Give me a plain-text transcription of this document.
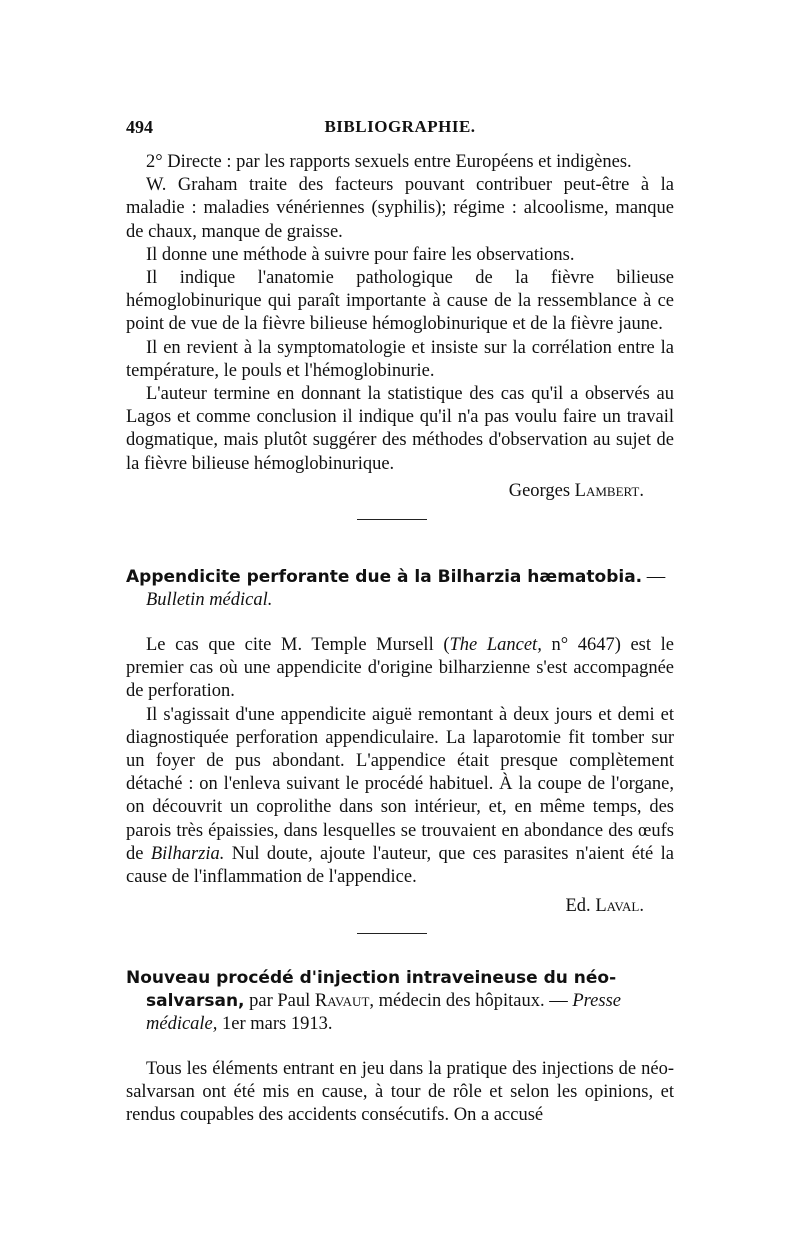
494	BIBLIOGRAPHIE.

2° Directe : par les rapports sexuels entre Européens et indigènes.

W. Graham traite des facteurs pouvant contribuer peut-être à la maladie : maladies vénériennes (syphilis); régime : alcoolisme, manque de chaux, manque de graisse.

Il donne une méthode à suivre pour faire les observations.

Il indique l'anatomie pathologique de la fièvre bilieuse hémoglobinurique qui paraît importante à cause de la ressemblance à ce point de vue de la fièvre bilieuse hémoglobinurique et de la fièvre jaune.

Il en revient à la symptomatologie et insiste sur la corrélation entre la température, le pouls et l'hémoglobinurie.

L'auteur termine en donnant la statistique des cas qu'il a observés au Lagos et comme conclusion il indique qu'il n'a pas voulu faire un travail dogmatique, mais plutôt suggérer des méthodes d'observation au sujet de la fièvre bilieuse hémoglobinurique.

Georges Lambert.

Appendicite perforante due à la Bilharzia hæmatobia. — Bulletin médical.

Le cas que cite M. Temple Mursell (The Lancet, n° 4647) est le premier cas où une appendicite d'origine bilharzienne s'est accompagnée de perforation.

Il s'agissait d'une appendicite aiguë remontant à deux jours et demi et diagnostiquée perforation appendiculaire. La laparotomie fit tomber sur un foyer de pus abondant. L'appendice était presque complètement détaché : on l'enleva suivant le procédé habituel. À la coupe de l'organe, on découvrit un coprolithe dans son intérieur, et, en même temps, des parois très épaissies, dans lesquelles se trouvaient en abondance des œufs de Bilharzia. Nul doute, ajoute l'auteur, que ces parasites n'aient été la cause de l'inflammation de l'appendice.

Ed. Laval.

Nouveau procédé d'injection intraveineuse du néo-salvarsan, par Paul Ravaut, médecin des hôpitaux. — Presse médicale, 1er mars 1913.

Tous les éléments entrant en jeu dans la pratique des injections de néo-salvarsan ont été mis en cause, à tour de rôle et selon les opinions, et rendus coupables des accidents consécutifs. On a accusé
